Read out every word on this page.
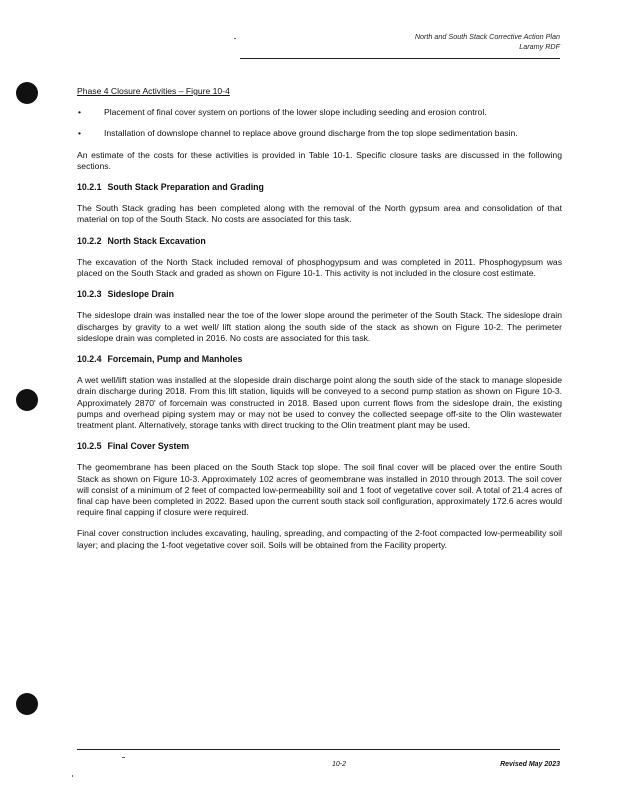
North and South Stack Corrective Action Plan
Laramy RDF

Phase 4 Closure Activities – Figure 10-4

•	Placement of final cover system on portions of the lower slope including seeding and erosion control.
•	Installation of downslope channel to replace above ground discharge from the top slope sedimentation basin.

An estimate of the costs for these activities is provided in Table 10-1. Specific closure tasks are discussed in the following sections.

10.2.1 South Stack Preparation and Grading

The South Stack grading has been completed along with the removal of the North gypsum area and consolidation of that material on top of the South Stack. No costs are associated for this task.

10.2.2 North Stack Excavation

The excavation of the North Stack included removal of phosphogypsum and was completed in 2011. Phosphogypsum was placed on the South Stack and graded as shown on Figure 10-1. This activity is not included in the closure cost estimate.

10.2.3 Sideslope Drain

The sideslope drain was installed near the toe of the lower slope around the perimeter of the South Stack. The sideslope drain discharges by gravity to a wet well/ lift station along the south side of the stack as shown on Figure 10-2. The perimeter sideslope drain was completed in 2016. No costs are associated for this task.

10.2.4 Forcemain, Pump and Manholes

A wet well/lift station was installed at the slopeside drain discharge point along the south side of the stack to manage slopeside drain discharge during 2018. From this lift station, liquids will be conveyed to a second pump station as shown on Figure 10-3. Approximately 2870' of forcemain was constructed in 2018. Based upon current flows from the sideslope drain, the existing pumps and overhead piping system may or may not be used to convey the collected seepage off-site to the Olin wastewater treatment plant. Alternatively, storage tanks with direct trucking to the Olin treatment plant may be used.

10.2.5 Final Cover System

The geomembrane has been placed on the South Stack top slope. The soil final cover will be placed over the entire South Stack as shown on Figure 10-3. Approximately 102 acres of geomembrane was installed in 2010 through 2013. The soil cover will consist of a minimum of 2 feet of compacted low-permeability soil and 1 foot of vegetative cover soil. A total of 21.4 acres of final cap have been completed in 2022. Based upon the current south stack soil configuration, approximately 172.6 acres would require final capping if closure were required.

Final cover construction includes excavating, hauling, spreading, and compacting of the 2-foot compacted low-permeability soil layer; and placing the 1-foot vegetative cover soil. Soils will be obtained from the Facility property.

10-2	Revised May 2023
